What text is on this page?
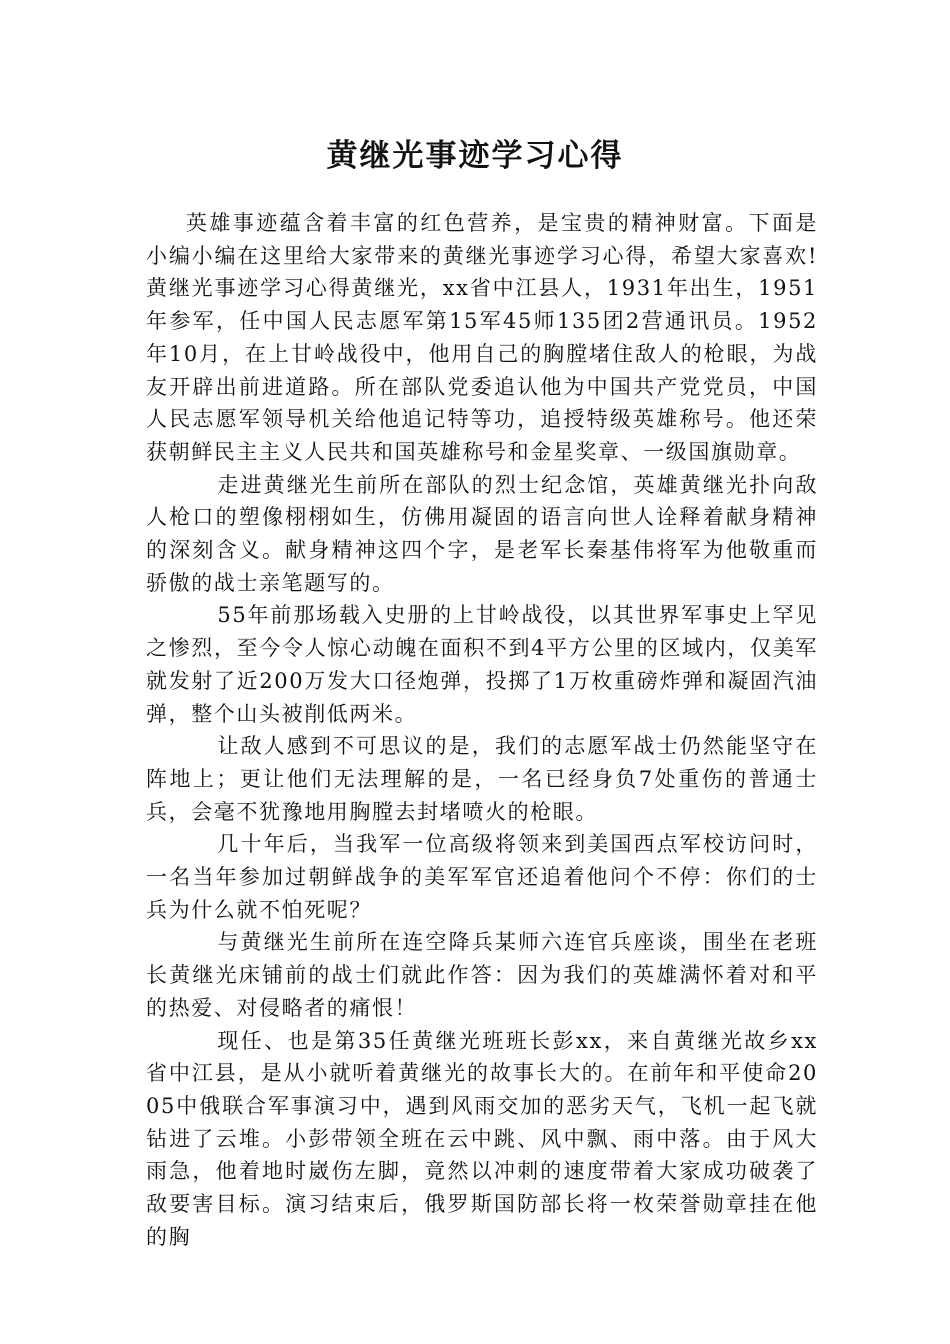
黄继光事迹学习心得

英雄事迹蕴含着丰富的红色营养，是宝贵的精神财富。下面是小编小编在这里给大家带来的黄继光事迹学习心得，希望大家喜欢!黄继光事迹学习心得黄继光，xx省中江县人，1931年出生，1951年参军，任中国人民志愿军第15军45师135团2营通讯员。1952年10月，在上甘岭战役中，他用自己的胸膛堵住敌人的枪眼，为战友开辟出前进道路。所在部队党委追认他为中国共产党党员，中国人民志愿军领导机关给他追记特等功，追授特级英雄称号。他还荣获朝鲜民主主义人民共和国英雄称号和金星奖章、一级国旗勋章。

走进黄继光生前所在部队的烈士纪念馆，英雄黄继光扑向敌人枪口的塑像栩栩如生，仿佛用凝固的语言向世人诠释着献身精神的深刻含义。献身精神这四个字，是老军长秦基伟将军为他敬重而骄傲的战士亲笔题写的。

55年前那场载入史册的上甘岭战役，以其世界军事史上罕见之惨烈，至今令人惊心动魄在面积不到4平方公里的区域内，仅美军就发射了近200万发大口径炮弹，投掷了1万枚重磅炸弹和凝固汽油弹，整个山头被削低两米。

让敌人感到不可思议的是，我们的志愿军战士仍然能坚守在阵地上；更让他们无法理解的是，一名已经身负7处重伤的普通士兵，会毫不犹豫地用胸膛去封堵喷火的枪眼。

几十年后，当我军一位高级将领来到美国西点军校访问时，一名当年参加过朝鲜战争的美军军官还追着他问个不停：你们的士兵为什么就不怕死呢？

与黄继光生前所在连空降兵某师六连官兵座谈，围坐在老班长黄继光床铺前的战士们就此作答：因为我们的英雄满怀着对和平的热爱、对侵略者的痛恨！

现任、也是第35任黄继光班班长彭xx，来自黄继光故乡xx省中江县，是从小就听着黄继光的故事长大的。在前年和平使命2005中俄联合军事演习中，遇到风雨交加的恶劣天气，飞机一起飞就钻进了云堆。小彭带领全班在云中跳、风中飘、雨中落。由于风大雨急，他着地时崴伤左脚，竟然以冲刺的速度带着大家成功破袭了敌要害目标。演习结束后，俄罗斯国防部长将一枚荣誉勋章挂在他的胸
